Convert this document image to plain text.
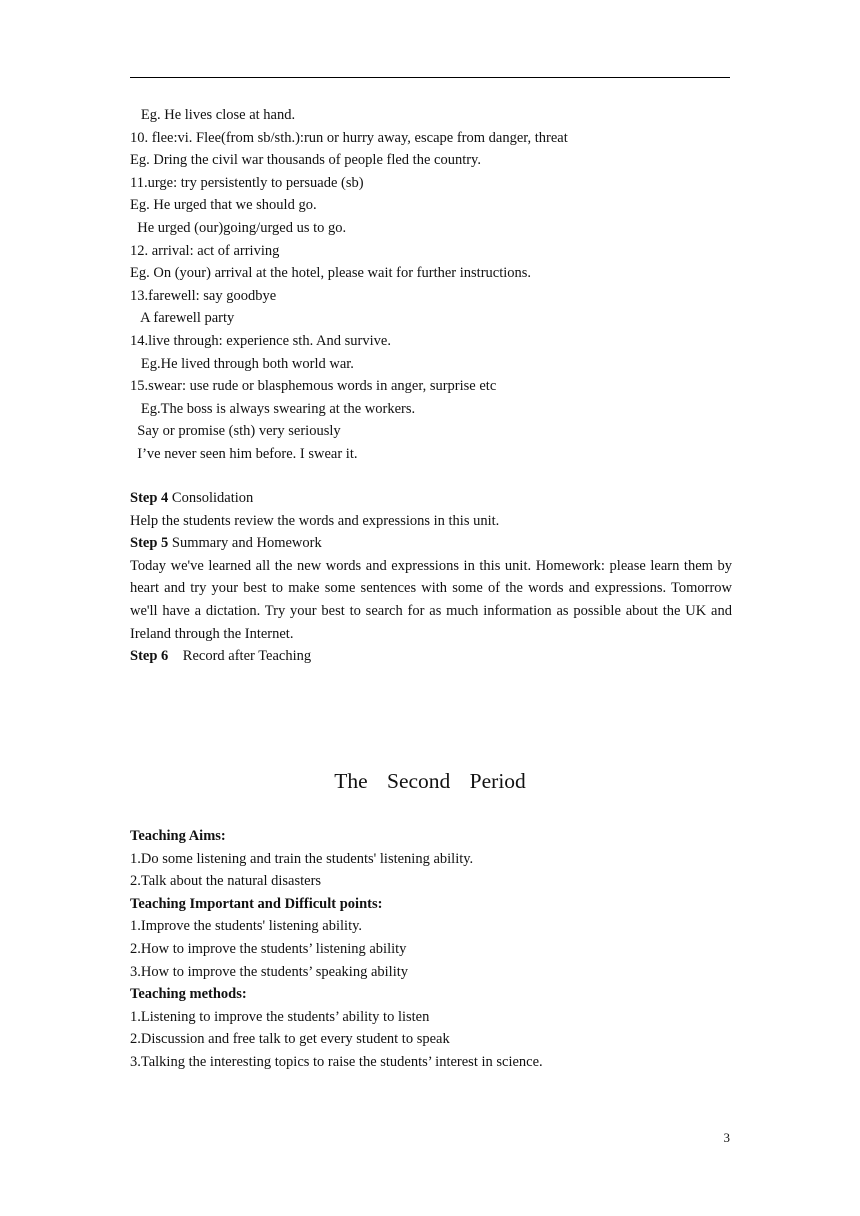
Eg. He lives close at hand.
10. flee:vi. Flee(from sb/sth.):run or hurry away, escape from danger, threat
Eg. Dring the civil war thousands of people fled the country.
11.urge: try persistently to persuade (sb)
Eg. He urged that we should go.
He urged (our)going/urged us to go.
12. arrival: act of arriving
Eg. On (your) arrival at the hotel, please wait for further instructions.
13.farewell: say goodbye
A farewell party
14.live through: experience sth. And survive.
Eg.He lived through both world war.
15.swear: use rude or blasphemous words in anger, surprise etc
Eg.The boss is always swearing at the workers.
Say or promise (sth) very seriously
I’ve never seen him before. I swear it.
Step 4 Consolidation
Help the students review the words and expressions in this unit.
Step 5 Summary and Homework
Today we've learned all the new words and expressions in this unit. Homework: please learn them by heart and try your best to make some sentences with some of the words and expressions. Tomorrow we'll have a dictation. Try your best to search for as much information as possible about the UK and Ireland through the Internet.
Step 6    Record after Teaching
The Second Period
Teaching Aims:
1.Do some listening and train the students' listening ability.
2.Talk about the natural disasters
Teaching Important and Difficult points:
1.Improve the students' listening ability.
2.How to improve the students’ listening ability
3.How to improve the students’ speaking ability
Teaching methods:
1.Listening to improve the students’ ability to listen
2.Discussion and free talk to get every student to speak
3.Talking the interesting topics to raise the students’ interest in science.
3
